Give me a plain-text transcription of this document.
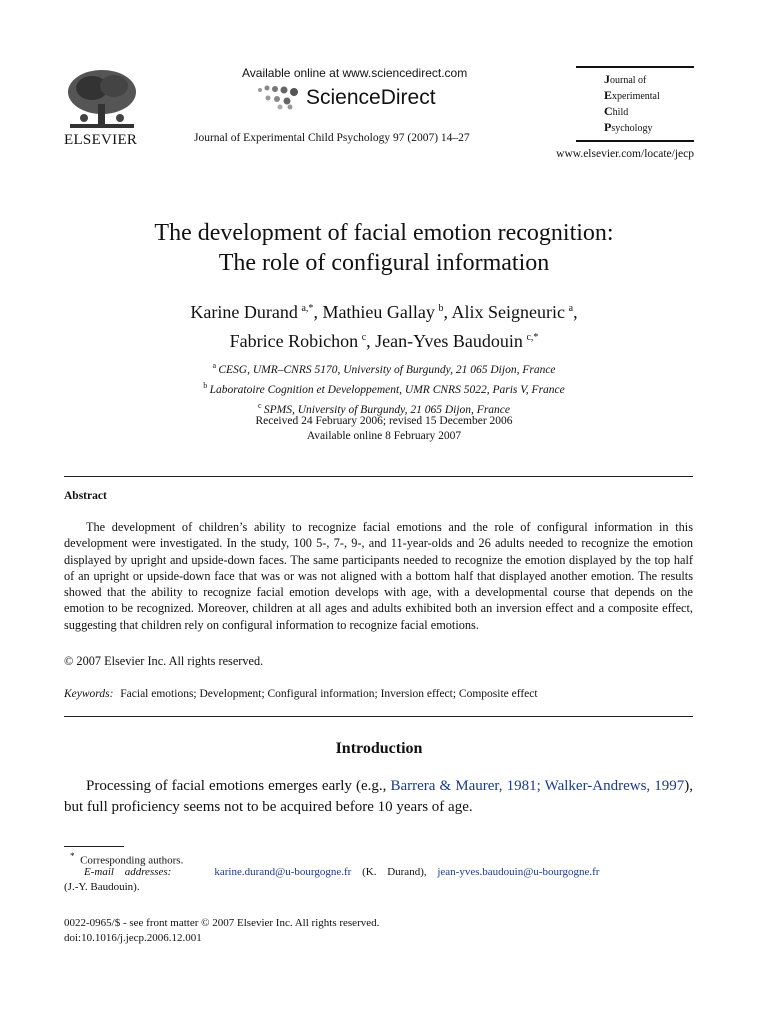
ELSEVIER
Available online at www.sciencedirect.com
ScienceDirect
Journal of Experimental Child Psychology 97 (2007) 14–27
Journal of
Experimental
Child
Psychology
www.elsevier.com/locate/jecp
The development of facial emotion recognition:
The role of configural information
Karine Durand  $^{a,*}$, Mathieu Gallay  $^b$, Alix Seigneuric  $^a$,
Fabrice Robichon  $^c$, Jean-Yves Baudouin  $^{c,*}$
$^a$  CESG, UMR–CNRS 5170, University of Burgundy, 21 065 Dijon, France
$^b$  Laboratoire Cognition et Developpement, UMR CNRS 5022, Paris V, France
$^c$  SPMS, University of Burgundy, 21 065 Dijon, France
Received 24 February 2006; revised 15 December 2006
Available online 8 February 2007
Abstract
The development of children’s ability to recognize facial emotions and the role of configural information in this development were investigated. In the study, 100 5-, 7-, 9-, and 11-year-olds and 26 adults needed to recognize the emotion displayed by upright and upside-down faces. The same participants needed to recognize the emotion displayed by the top half of an upright or upside-down face that was or was not aligned with a bottom half that displayed another emotion. The results showed that the ability to recognize facial emotion develops with age, with a developmental course that depends on the emotion to be recognized. Moreover, children at all ages and adults exhibited both an inversion effect and a composite effect, suggesting that children rely on configural information to recognize facial emotions.
© 2007 Elsevier Inc. All rights reserved.
Keywords: Facial emotions; Development; Configural information; Inversion effect; Composite effect
Introduction
Processing of facial emotions emerges early (e.g., Barrera & Maurer, 1981; Walker-Andrews, 1997), but full proficiency seems not to be acquired before 10 years of age.
* Corresponding authors.
E-mail addresses:	karine.durand@u-bourgogne.fr (K. Durand), jean-yves.baudouin@u-bourgogne.fr
(J.-Y. Baudouin).
0022-0965/$ - see front matter © 2007 Elsevier Inc. All rights reserved.
doi:10.1016/j.jecp.2006.12.001
